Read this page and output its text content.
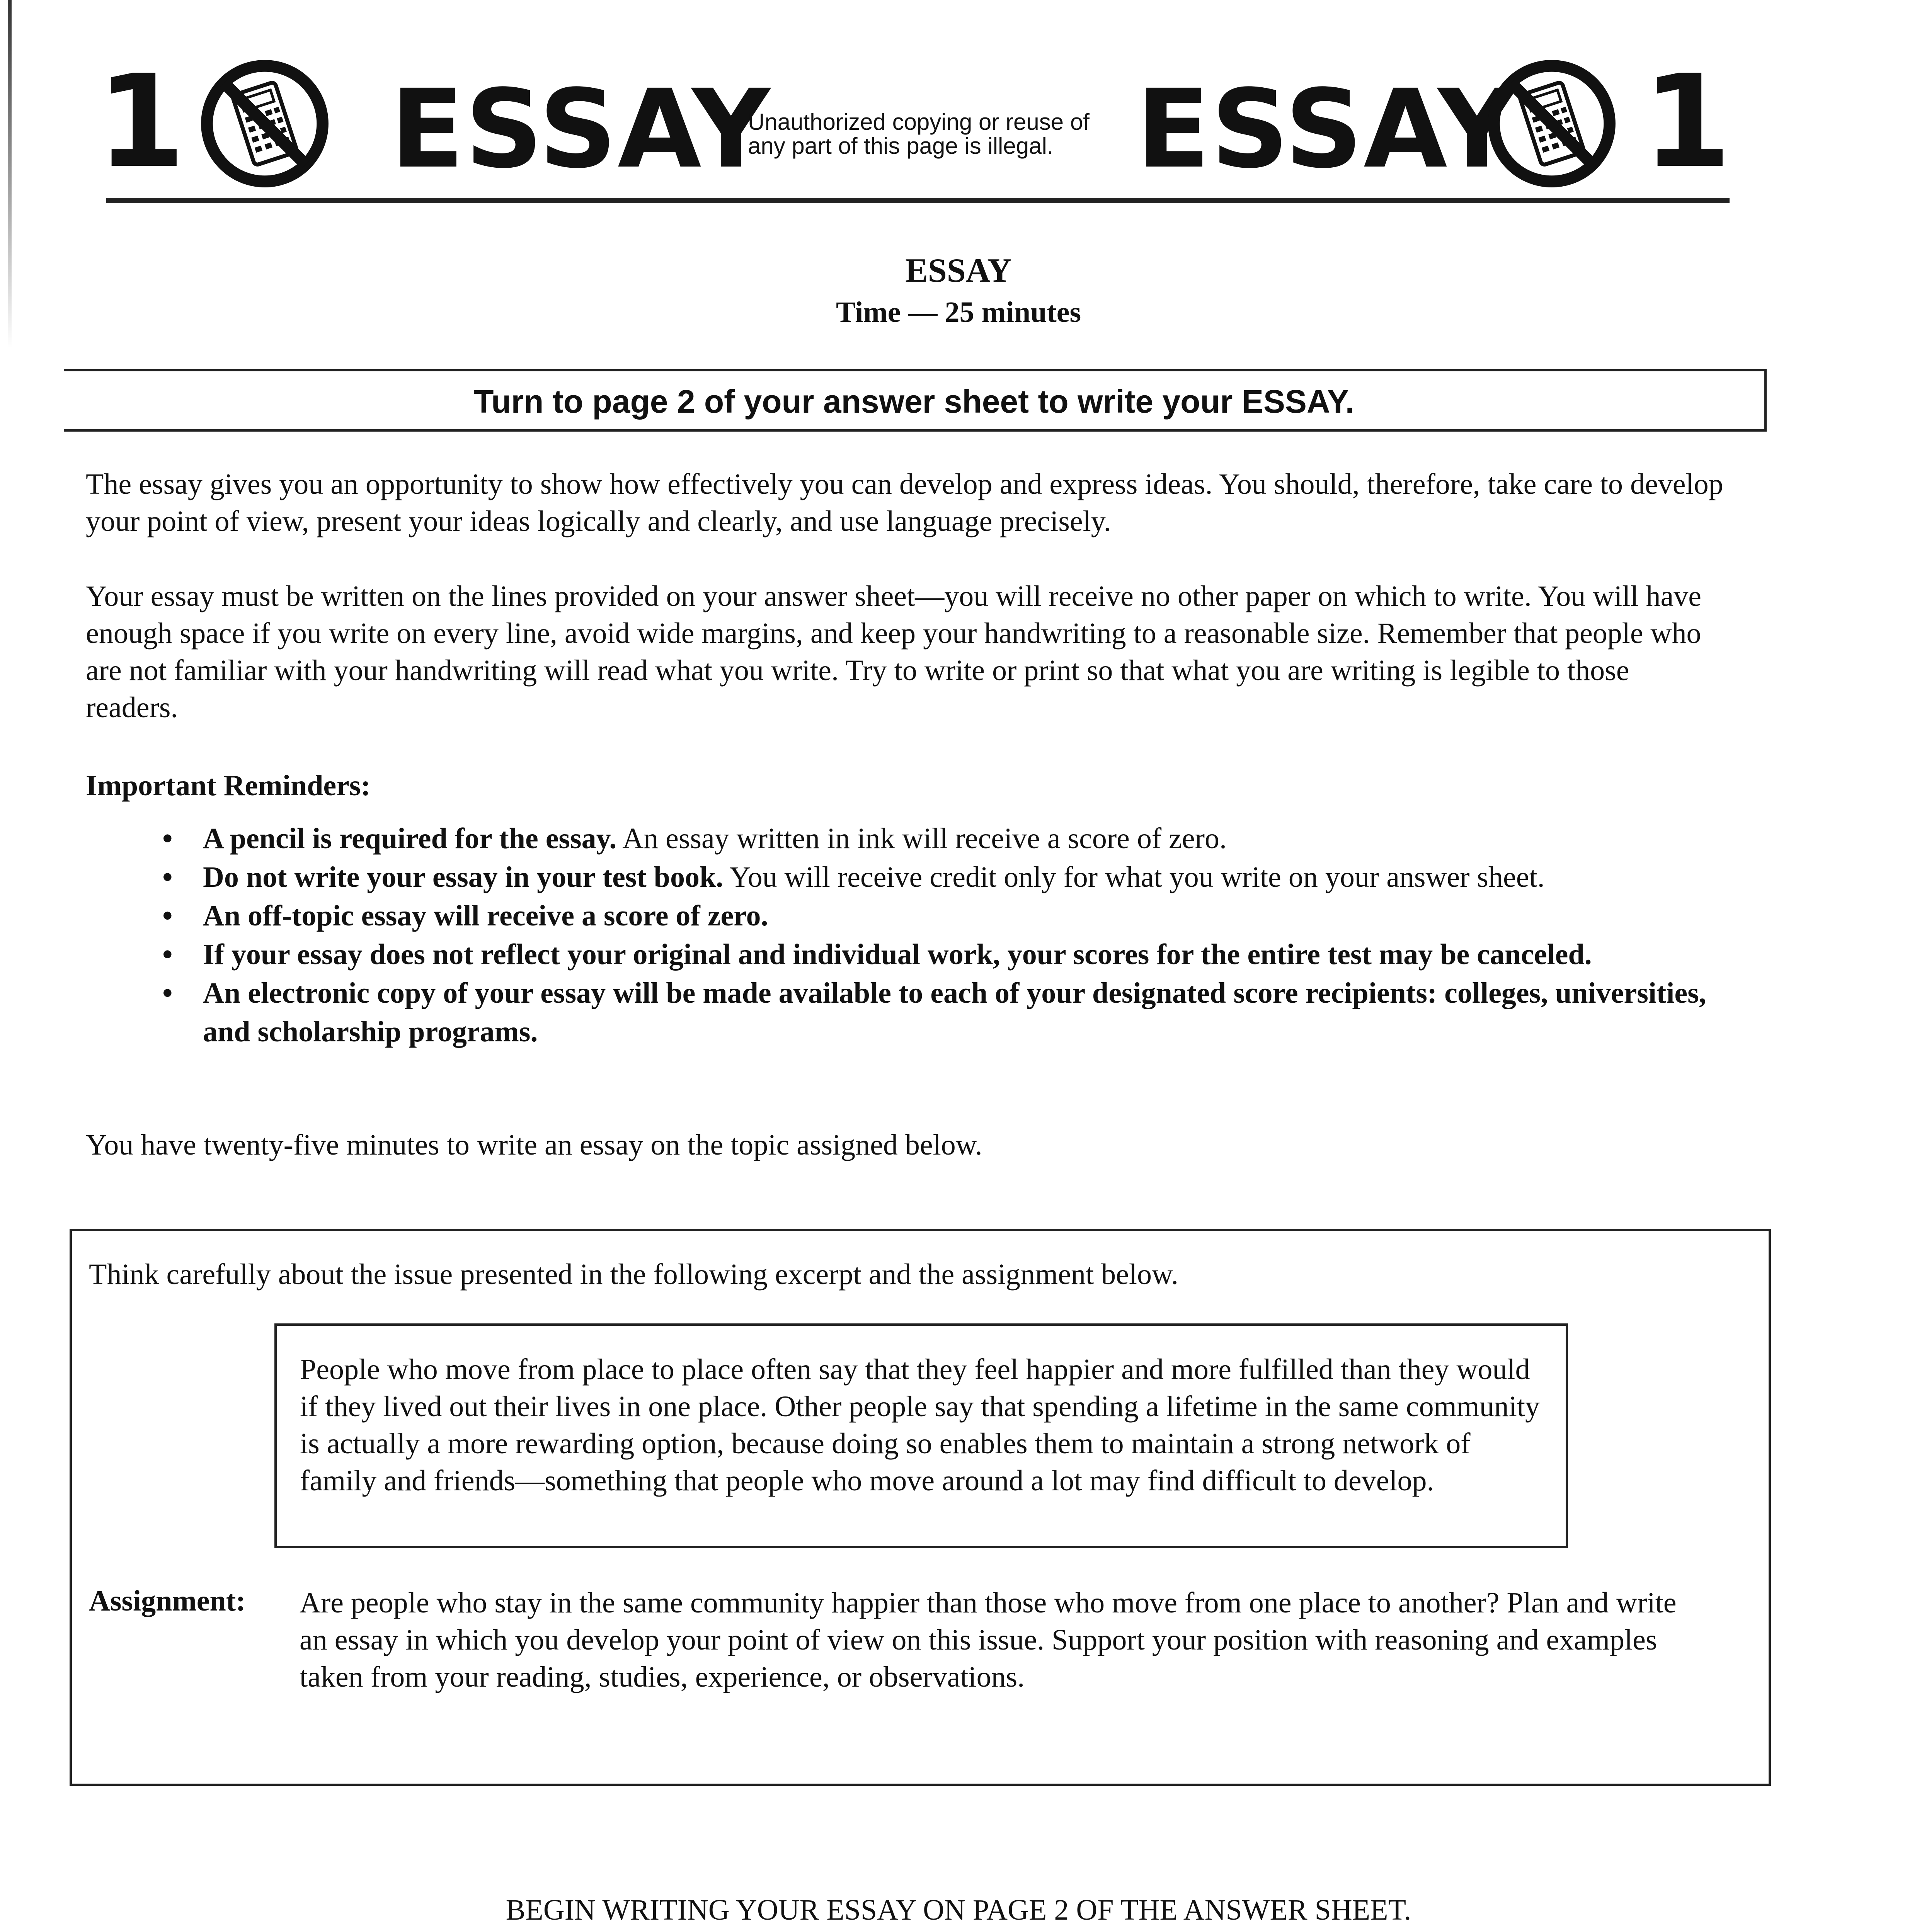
1 ESSAY
Unauthorized copying or reuse of
any part of this page is illegal. ESSAY 1
ESSAY
Time — 25 minutes
Turn to page 2 of your answer sheet to write your ESSAY.
The essay gives you an opportunity to show how effectively you can develop and express ideas. You should, therefore, take care to develop your point of view, present your ideas logically and clearly, and use language precisely.
Your essay must be written on the lines provided on your answer sheet—you will receive no other paper on which to write. You will have enough space if you write on every line, avoid wide margins, and keep your handwriting to a reasonable size. Remember that people who are not familiar with your handwriting will read what you write. Try to write or print so that what you are writing is legible to those readers.
Important Reminders:
• A pencil is required for the essay. An essay written in ink will receive a score of zero.
• Do not write your essay in your test book. You will receive credit only for what you write on your answer sheet.
• An off-topic essay will receive a score of zero.
• If your essay does not reflect your original and individual work, your scores for the entire test may be canceled.
• An electronic copy of your essay will be made available to each of your designated score recipients: colleges, universities, and scholarship programs.
You have twenty-five minutes to write an essay on the topic assigned below.
Think carefully about the issue presented in the following excerpt and the assignment below.
People who move from place to place often say that they feel happier and more fulfilled than they would if they lived out their lives in one place. Other people say that spending a lifetime in the same community is actually a more rewarding option, because doing so enables them to maintain a strong network of family and friends—something that people who move around a lot may find difficult to develop.
Assignment: Are people who stay in the same community happier than those who move from one place to another? Plan and write an essay in which you develop your point of view on this issue. Support your position with reasoning and examples taken from your reading, studies, experience, or observations.
BEGIN WRITING YOUR ESSAY ON PAGE 2 OF THE ANSWER SHEET.
